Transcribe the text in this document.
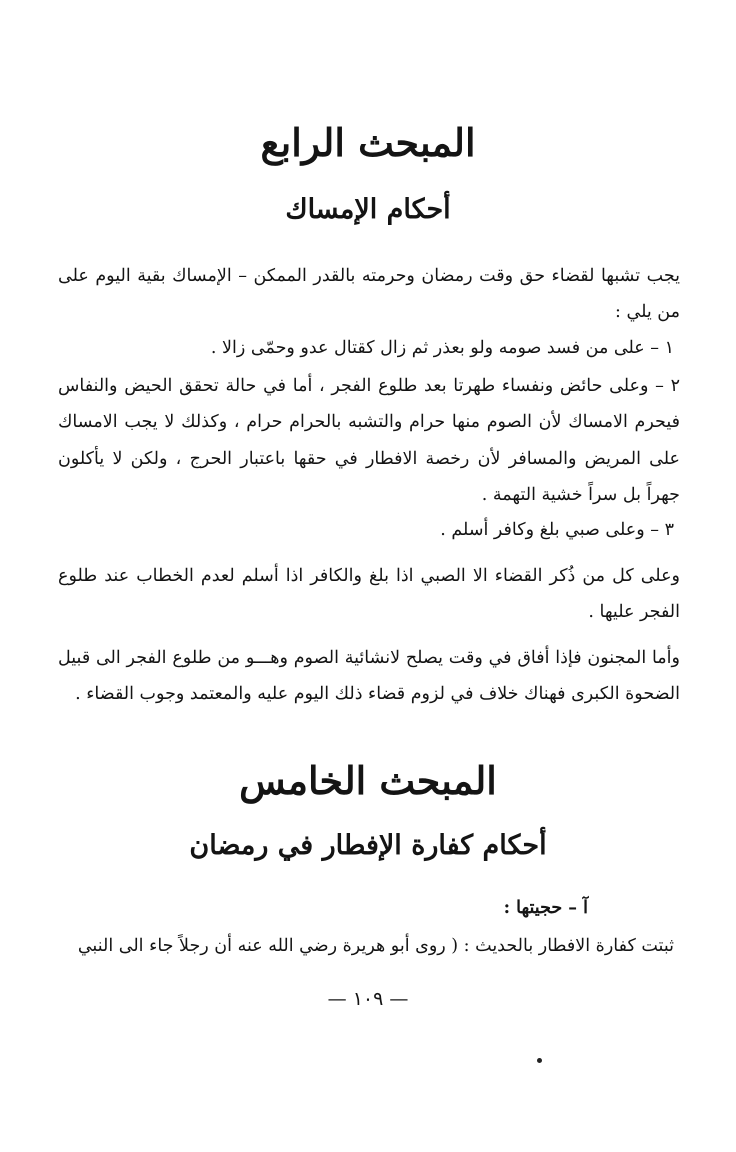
المبحث الرابع
أحكام الإمساك

يجب تشبها لقضاء حق وقت رمضان وحرمته بالقدر الممكن – الإمساك بقية اليوم على من يلي :

١ – على من فسد صومه ولو بعذر ثم زال كقتال عدو وحمّى زالا .

٢ – وعلى حائض ونفساء طهرتا بعد طلوع الفجر ، أما في حالة تحقق الحيض والنفاس فيحرم الامساك لأن الصوم منها حرام والتشبه بالحرام حرام ، وكذلك لا يجب الامساك على المريض والمسافر لأن رخصة الافطار في حقها باعتبار الحرج ، ولكن لا يأكلون جهراً بل سراً خشية التهمة .

٣ – وعلى صبي بلغ وكافر أسلم .

وعلى كل من ذُكر القضاء الا الصبي اذا بلغ والكافر اذا أسلم لعدم الخطاب عند طلوع الفجر عليها .

وأما المجنون فإذا أفاق في وقت يصلح لانشائية الصوم وهـــو من طلوع الفجر الى قبيل الضحوة الكبرى فهناك خلاف في لزوم قضاء ذلك اليوم عليه والمعتمد وجوب القضاء .

المبحث الخامس
أحكام كفارة الإفطار في رمضان

آ – حجيتها :

ثبتت كفارة الافطار بالحديث : ( روى أبو هريرة رضي الله عنه أن رجلاً جاء الى النبي

— ١٠٩ —
